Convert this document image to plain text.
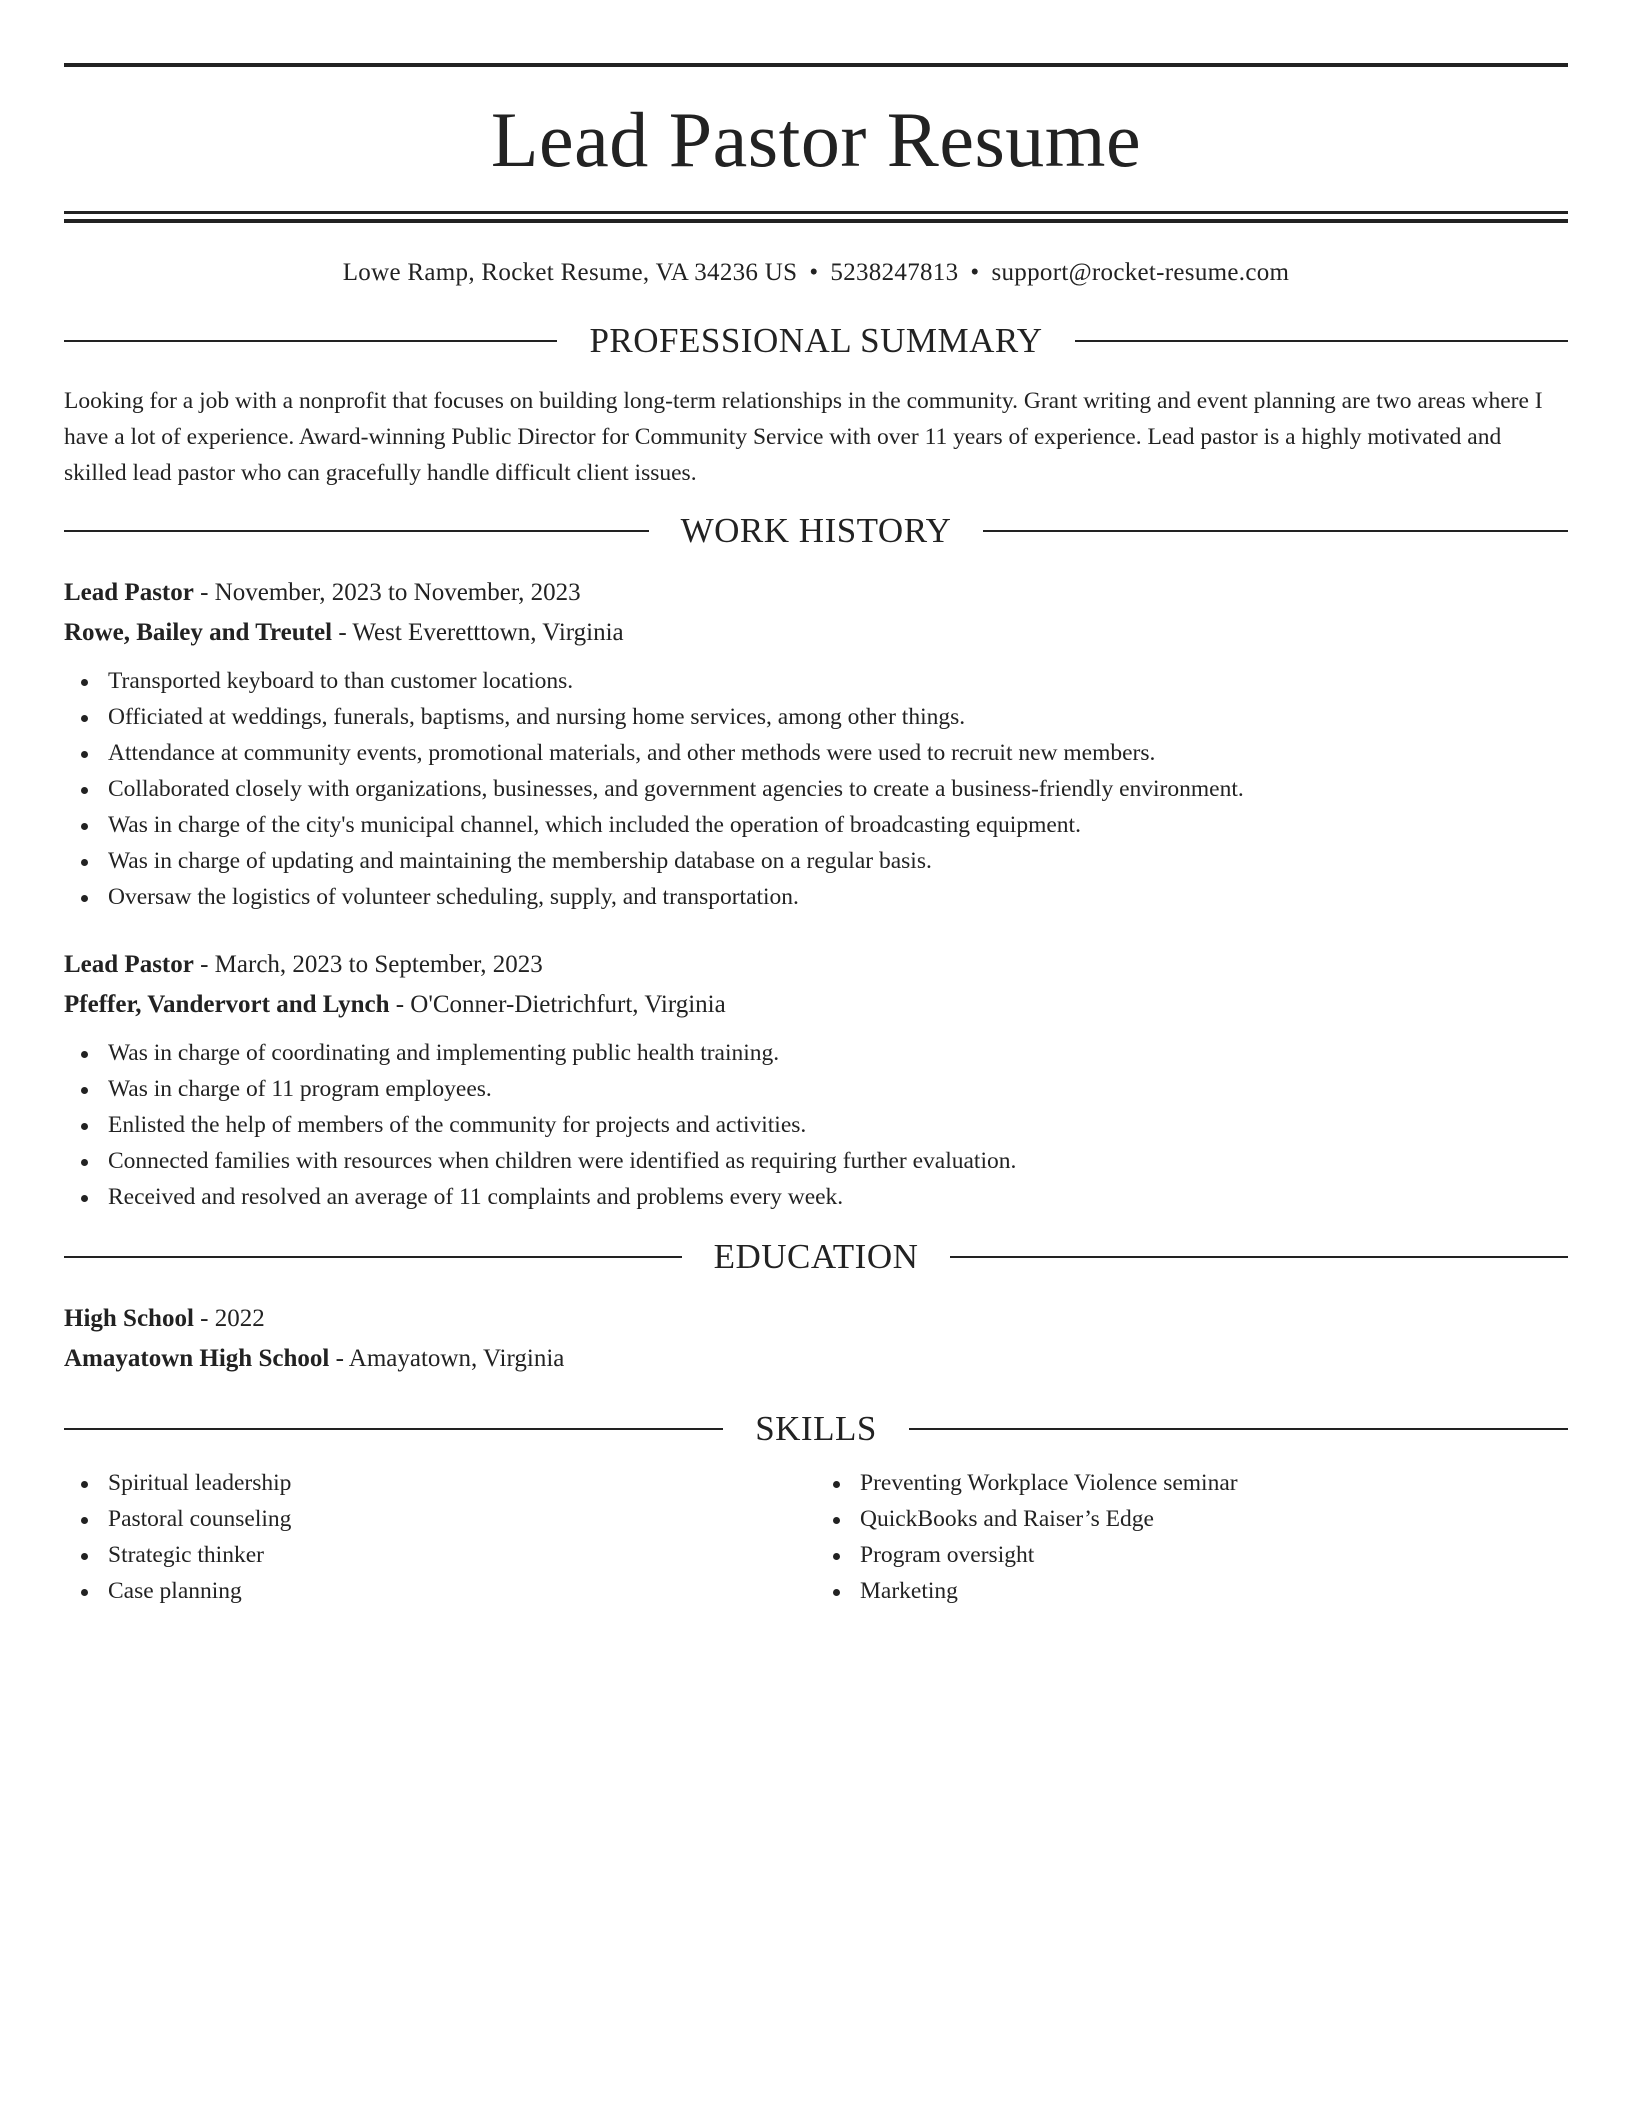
Lead Pastor Resume
Lowe Ramp, Rocket Resume, VA 34236 US • 5238247813 • support@rocket-resume.com
PROFESSIONAL SUMMARY

Looking for a job with a nonprofit that focuses on building long-term relationships in the community. Grant writing and event planning are two areas where I have a lot of experience. Award-winning Public Director for Community Service with over 11 years of experience. Lead pastor is a highly motivated and skilled lead pastor who can gracefully handle difficult client issues.

WORK HISTORY
Lead Pastor - November, 2023 to November, 2023
Rowe, Bailey and Treutel - West Everetttown, Virginia
Transported keyboard to than customer locations.
Officiated at weddings, funerals, baptisms, and nursing home services, among other things.
Attendance at community events, promotional materials, and other methods were used to recruit new members.
Collaborated closely with organizations, businesses, and government agencies to create a business-friendly environment.
Was in charge of the city's municipal channel, which included the operation of broadcasting equipment.
Was in charge of updating and maintaining the membership database on a regular basis.
Oversaw the logistics of volunteer scheduling, supply, and transportation.
Lead Pastor - March, 2023 to September, 2023
Pfeffer, Vandervort and Lynch - O'Conner-Dietrichfurt, Virginia
Was in charge of coordinating and implementing public health training.
Was in charge of 11 program employees.
Enlisted the help of members of the community for projects and activities.
Connected families with resources when children were identified as requiring further evaluation.
Received and resolved an average of 11 complaints and problems every week.
EDUCATION
High School - 2022
Amayatown High School - Amayatown, Virginia
SKILLS
Spiritual leadership
Pastoral counseling
Strategic thinker
Case planning
Preventing Workplace Violence seminar
QuickBooks and Raiser’s Edge
Program oversight
Marketing
